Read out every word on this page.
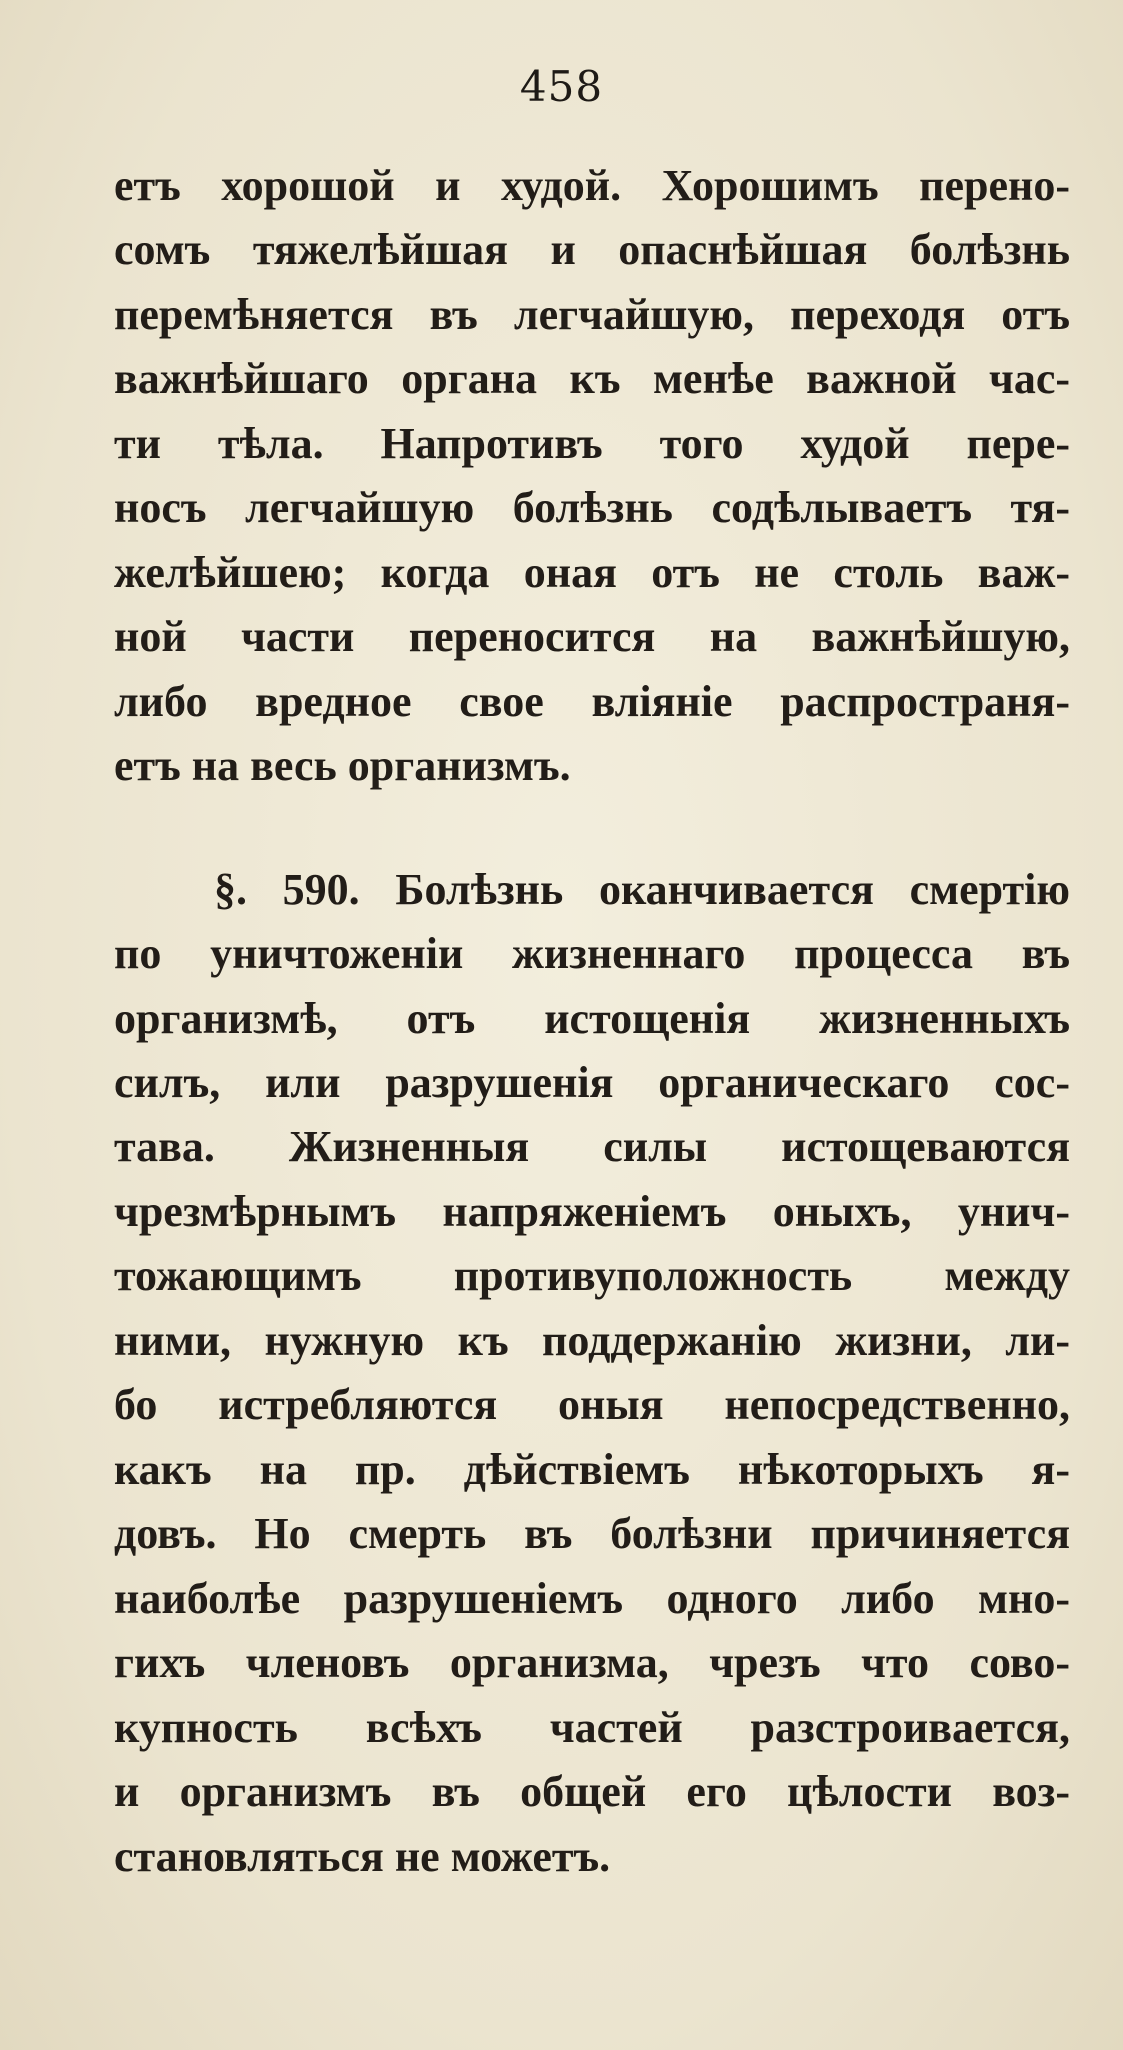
458
етъ хорошой и худой. Хорошимъ перено-
сомъ тяжелѣйшая и опаснѣйшая болѣзнь
перемѣняется въ легчайшую, переходя отъ
важнѣйшаго органа къ менѣе важной час-
ти тѣла. Напротивъ того худой пере-
носъ легчайшую болѣзнь содѣлываетъ тя-
желѣйшею; когда оная отъ не столь важ-
ной части переносится на важнѣйшую,
либо вредное свое влiянiе распространя-
етъ на весь организмъ.
§. 590. Болѣзнь оканчивается смертiю
по уничтоженiи жизненнаго процесса въ
организмѣ, отъ истощенiя жизненныхъ
силъ, или разрушенiя органическаго сос-
тава. Жизненныя силы истощеваются
чрезмѣрнымъ напряженiемъ оныхъ, унич-
тожающимъ противуположность между
ними, нужную къ поддержанiю жизни, ли-
бо истребляются оныя непосредственно,
какъ на пр. дѣйствiемъ нѣкоторыхъ я-
довъ. Но смерть въ болѣзни причиняется
наиболѣе разрушенiемъ одного либо мно-
гихъ членовъ организма, чрезъ что сово-
купность всѣхъ частей разстроивается,
и организмъ въ общей его цѣлости воз-
становляться не можетъ.
